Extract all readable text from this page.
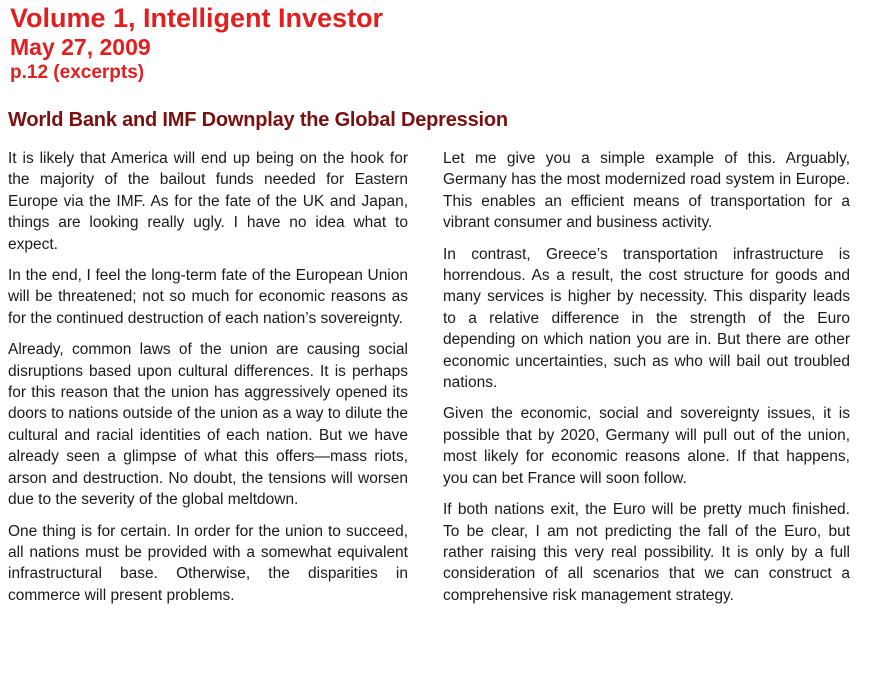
Volume 1, Intelligent Investor
May 27, 2009
p.12 (excerpts)
World Bank and IMF Downplay the Global Depression

It is likely that America will end up being on the hook for the majority of the bailout funds needed for Eastern Europe via the IMF. As for the fate of the UK and Japan, things are looking really ugly. I have no idea what to expect.

In the end, I feel the long-term fate of the European Union will be threatened; not so much for economic reasons as for the continued destruction of each nation’s sovereignty.

Already, common laws of the union are causing social disruptions based upon cultural differences. It is perhaps for this reason that the union has aggressively opened its doors to nations outside of the union as a way to dilute the cultural and racial identities of each nation. But we have already seen a glimpse of what this offers—mass riots, arson and destruction. No doubt, the tensions will worsen due to the severity of the global meltdown.

One thing is for certain. In order for the union to succeed, all nations must be provided with a somewhat equivalent infrastructural base. Otherwise, the disparities in commerce will present problems.

Let me give you a simple example of this. Arguably, Germany has the most modernized road system in Europe. This enables an efficient means of transportation for a vibrant consumer and business activity.

In contrast, Greece’s transportation infrastructure is horrendous. As a result, the cost structure for goods and many services is higher by necessity. This disparity leads to a relative difference in the strength of the Euro depending on which nation you are in. But there are other economic uncertainties, such as who will bail out troubled nations.

Given the economic, social and sovereignty issues, it is possible that by 2020, Germany will pull out of the union, most likely for economic reasons alone. If that happens, you can bet France will soon follow.

If both nations exit, the Euro will be pretty much finished. To be clear, I am not predicting the fall of the Euro, but rather raising this very real possibility. It is only by a full consideration of all scenarios that we can construct a comprehensive risk management strategy.
